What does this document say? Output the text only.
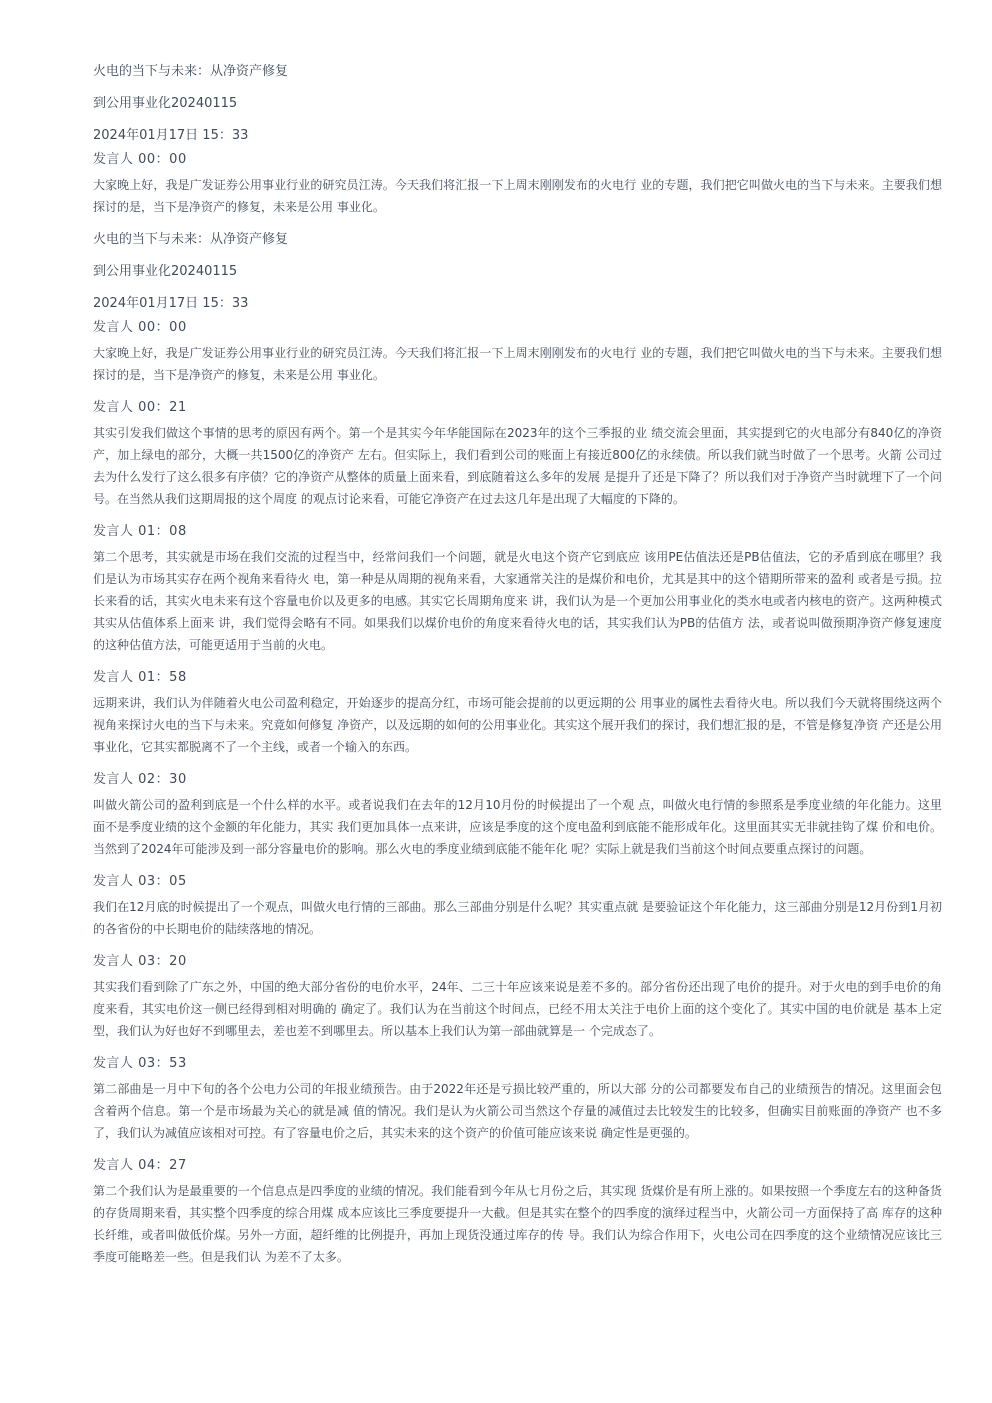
火电的当下与未来：从净资产修复
到公用事业化20240115
2024年01月17日 15：33
发言人 00：00

大家晚上好，我是广发证券公用事业行业的研究员江涛。今天我们将汇报一下上周末刚刚发布的火电行 业的专题，我们把它叫做火电的当下与未来。主要我们想探讨的是，当下是净资产的修复，未来是公用 事业化。

火电的当下与未来：从净资产修复
到公用事业化20240115
2024年01月17日 15：33
发言人 00：00

大家晚上好，我是广发证券公用事业行业的研究员江涛。今天我们将汇报一下上周末刚刚发布的火电行 业的专题，我们把它叫做火电的当下与未来。主要我们想探讨的是，当下是净资产的修复，未来是公用 事业化。

发言人 00：21

其实引发我们做这个事情的思考的原因有两个。第一个是其实今年华能国际在2023年的这个三季报的业 绩交流会里面，其实提到它的火电部分有840亿的净资产，加上绿电的部分，大概一共1500亿的净资产 左右。但实际上，我们看到公司的账面上有接近800亿的永续债。所以我们就当时做了一个思考。火箭 公司过去为什么发行了这么很多有序债？它的净资产从整体的质量上面来看，到底随着这么多年的发展 是提升了还是下降了？所以我们对于净资产当时就埋下了一个问号。在当然从我们这期周报的这个周度 的观点讨论来看，可能它净资产在过去这几年是出现了大幅度的下降的。

发言人 01：08

第二个思考，其实就是市场在我们交流的过程当中，经常问我们一个问题，就是火电这个资产它到底应 该用PE估值法还是PB估值法，它的矛盾到底在哪里？我们是认为市场其实存在两个视角来看待火 电，第一种是从周期的视角来看，大家通常关注的是煤价和电价，尤其是其中的这个错期所带来的盈利 或者是亏损。拉长来看的话，其实火电未来有这个容量电价以及更多的电感。其实它长周期角度来 讲，我们认为是一个更加公用事业化的类水电或者内核电的资产。这两种模式其实从估值体系上面来 讲，我们觉得会略有不同。如果我们以煤价电价的角度来看待火电的话，其实我们认为PB的估值方 法，或者说叫做预期净资产修复速度的这种估值方法，可能更适用于当前的火电。

发言人 01：58

远期来讲，我们认为伴随着火电公司盈利稳定，开始逐步的提高分红，市场可能会提前的以更远期的公 用事业的属性去看待火电。所以我们今天就将围绕这两个视角来探讨火电的当下与未来。究竟如何修复 净资产，以及远期的如何的公用事业化。其实这个展开我们的探讨，我们想汇报的是，不管是修复净资 产还是公用事业化，它其实都脱离不了一个主线，或者一个输入的东西。

发言人 02：30

叫做火箭公司的盈利到底是一个什么样的水平。或者说我们在去年的12月10月份的时候提出了一个观 点，叫做火电行情的参照系是季度业绩的年化能力。这里面不是季度业绩的这个金额的年化能力，其实 我们更加具体一点来讲，应该是季度的这个度电盈利到底能不能形成年化。这里面其实无非就挂钩了煤 价和电价。当然到了2024年可能涉及到一部分容量电价的影响。那么火电的季度业绩到底能不能年化 呢？实际上就是我们当前这个时间点要重点探讨的问题。

发言人 03：05

我们在12月底的时候提出了一个观点，叫做火电行情的三部曲。那么三部曲分别是什么呢？其实重点就 是要验证这个年化能力，这三部曲分别是12月份到1月初的各省份的中长期电价的陆续落地的情况。

发言人 03：20

其实我们看到除了广东之外，中国的绝大部分省份的电价水平，24年、二三十年应该来说是差不多的。部分省份还出现了电价的提升。对于火电的到手电价的角度来看，其实电价这一侧已经得到相对明确的 确定了。我们认为在当前这个时间点，已经不用太关注于电价上面的这个变化了。其实中国的电价就是 基本上定型，我们认为好也好不到哪里去，差也差不到哪里去。所以基本上我们认为第一部曲就算是一 个完成态了。

发言人 03：53

第二部曲是一月中下旬的各个公电力公司的年报业绩预告。由于2022年还是亏损比较严重的，所以大部 分的公司都要发布自己的业绩预告的情况。这里面会包含着两个信息。第一个是市场最为关心的就是减 值的情况。我们是认为火箭公司当然这个存量的减值过去比较发生的比较多，但确实目前账面的净资产 也不多了，我们认为减值应该相对可控。有了容量电价之后，其实未来的这个资产的价值可能应该来说 确定性是更强的。

发言人 04：27

第二个我们认为是最重要的一个信息点是四季度的业绩的情况。我们能看到今年从七月份之后，其实现 货煤价是有所上涨的。如果按照一个季度左右的这种备货的存货周期来看，其实整个四季度的综合用煤 成本应该比三季度要提升一大截。但是其实在整个的四季度的演绎过程当中，火箭公司一方面保持了高 库存的这种长纤维，或者叫做低价煤。另外一方面，超纤维的比例提升，再加上现货没通过库存的传 导。我们认为综合作用下，火电公司在四季度的这个业绩情况应该比三季度可能略差一些。但是我们认 为差不了太多。
